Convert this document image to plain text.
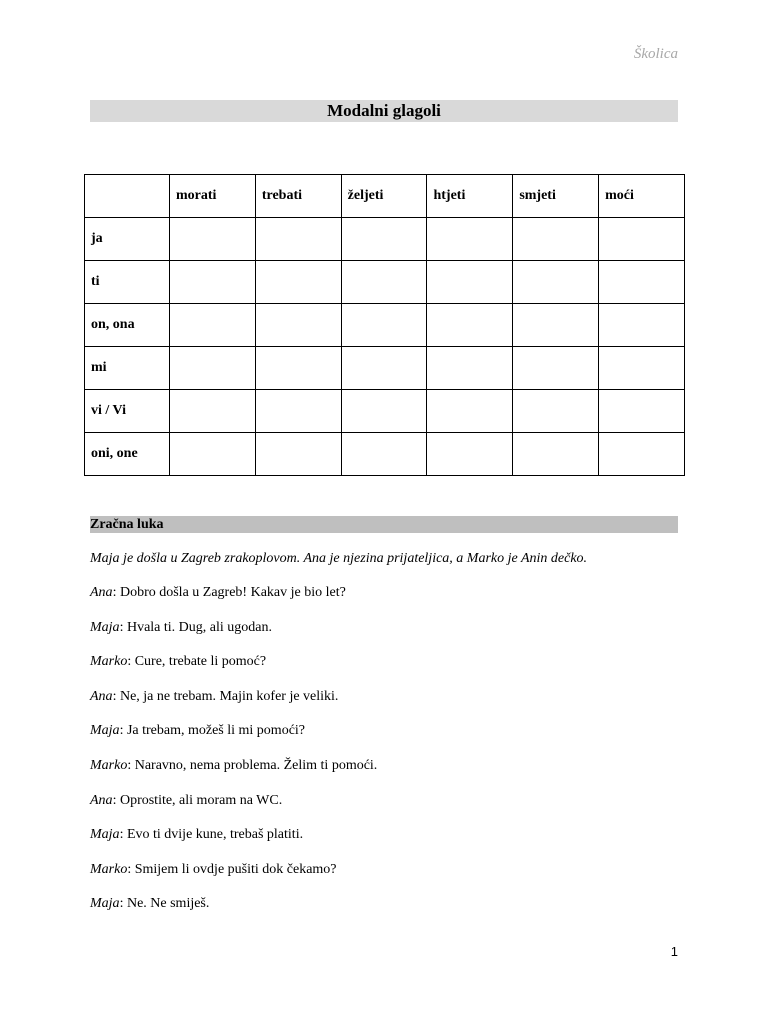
Školica
Modalni glagoli
	morati	trebati	željeti	htjeti	smjeti	moći
ja						
ti						
on, ona						
mi						
vi / Vi						
oni, one						
Zračna luka
Maja je došla u Zagreb zrakoplovom. Ana je njezina prijateljica, a Marko je Anin dečko.
Ana: Dobro došla u Zagreb! Kakav je bio let?
Maja: Hvala ti. Dug, ali ugodan.
Marko: Cure, trebate li pomoć?
Ana: Ne, ja ne trebam. Majin kofer je veliki.
Maja: Ja trebam, možeš li mi pomoći?
Marko: Naravno, nema problema. Želim ti pomoći.
Ana: Oprostite, ali moram na WC.
Maja: Evo ti dvije kune, trebaš platiti.
Marko: Smijem li ovdje pušiti dok čekamo?
Maja: Ne. Ne smiješ.
1
